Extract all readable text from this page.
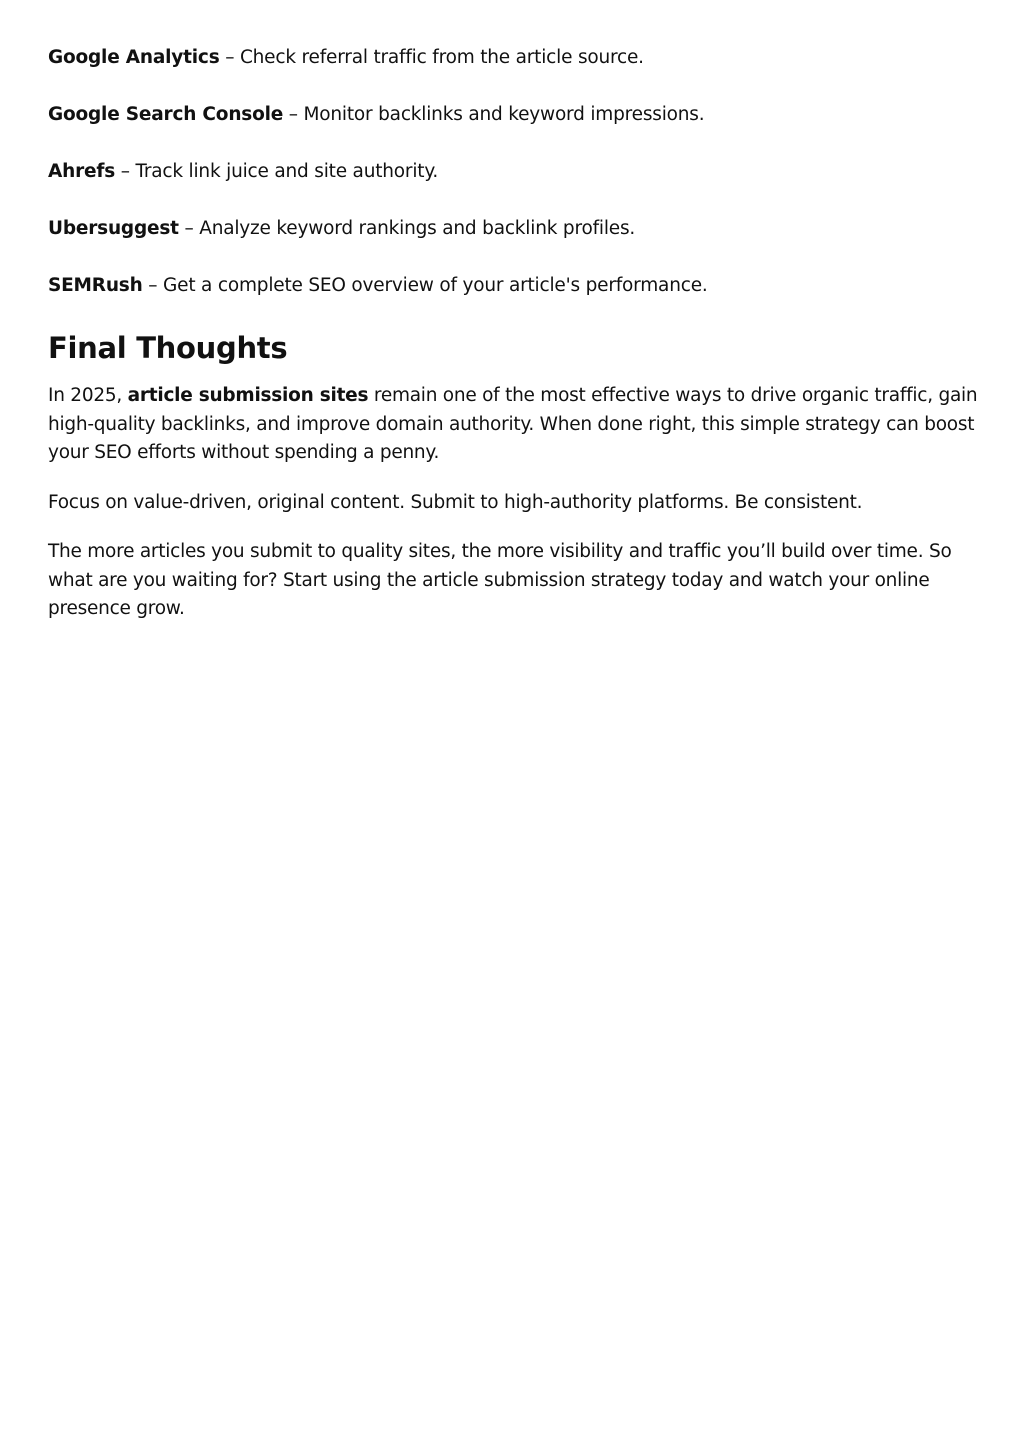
Google Analytics – Check referral traffic from the article source.

Google Search Console – Monitor backlinks and keyword impressions.

Ahrefs – Track link juice and site authority.

Ubersuggest – Analyze keyword rankings and backlink profiles.

SEMRush – Get a complete SEO overview of your article's performance.

Final Thoughts

In 2025, article submission sites remain one of the most effective ways to drive organic traffic, gain high-quality backlinks, and improve domain authority. When done right, this simple strategy can boost your SEO efforts without spending a penny.

Focus on value-driven, original content. Submit to high-authority platforms. Be consistent.

The more articles you submit to quality sites, the more visibility and traffic you’ll build over time. So what are you waiting for? Start using the article submission strategy today and watch your online presence grow.
